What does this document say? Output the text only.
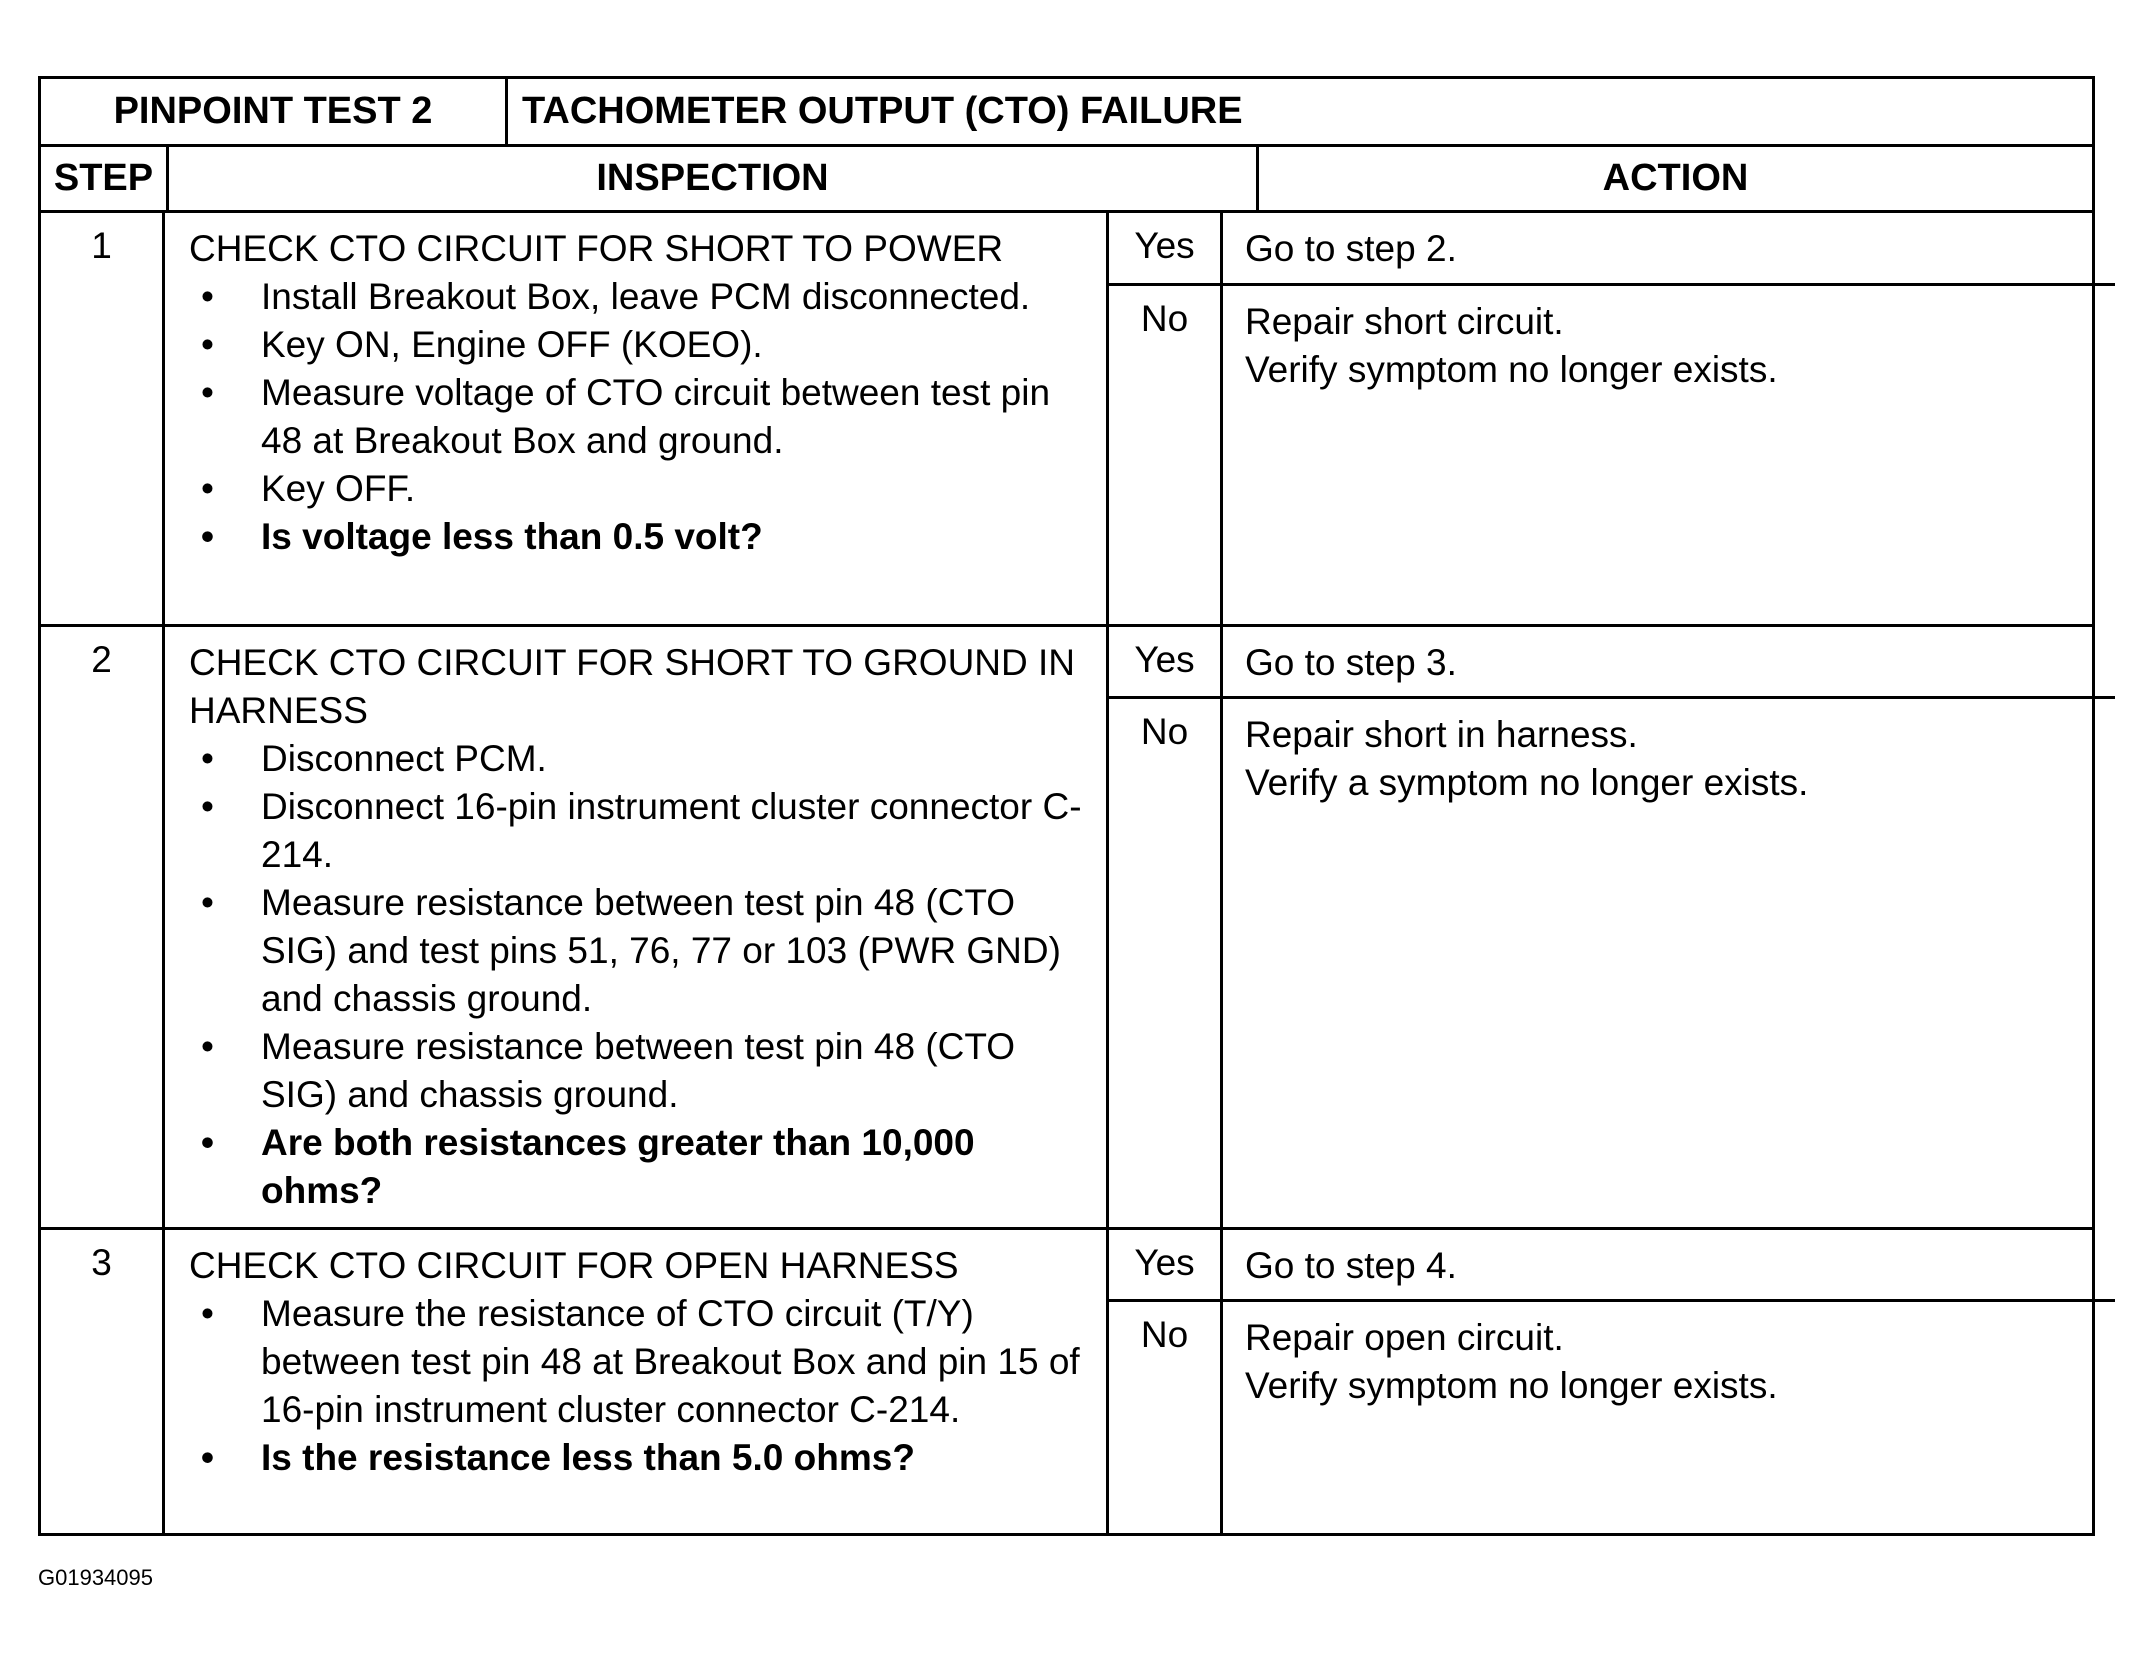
PINPOINT TEST 2	TACHOMETER OUTPUT (CTO) FAILURE
STEP	INSPECTION	ACTION
1	CHECK CTO CIRCUIT FOR SHORT TO POWER

• Install Breakout Box, leave PCM disconnected.
• Key ON, Engine OFF (KOEO).
• Measure voltage of CTO circuit between test pin 48 at Breakout Box and ground.
• Key OFF.
• Is voltage less than 0.5 volt?
Yes	Go to step 2.
No	Repair short circuit.
Verify symptom no longer exists.
2	CHECK CTO CIRCUIT FOR SHORT TO GROUND IN HARNESS

• Disconnect PCM.
• Disconnect 16-pin instrument cluster connector C-214.
• Measure resistance between test pin 48 (CTO SIG) and test pins 51, 76, 77 or 103 (PWR GND) and chassis ground.
• Measure resistance between test pin 48 (CTO SIG) and chassis ground.
• Are both resistances greater than 10,000 ohms?
Yes	Go to step 3.
No	Repair short in harness.
Verify a symptom no longer exists.
3	CHECK CTO CIRCUIT FOR OPEN HARNESS

• Measure the resistance of CTO circuit (T/Y) between test pin 48 at Breakout Box and pin 15 of 16-pin instrument cluster connector C-214.
• Is the resistance less than 5.0 ohms?
Yes	Go to step 4.
No	Repair open circuit.
Verify symptom no longer exists.
G01934095
